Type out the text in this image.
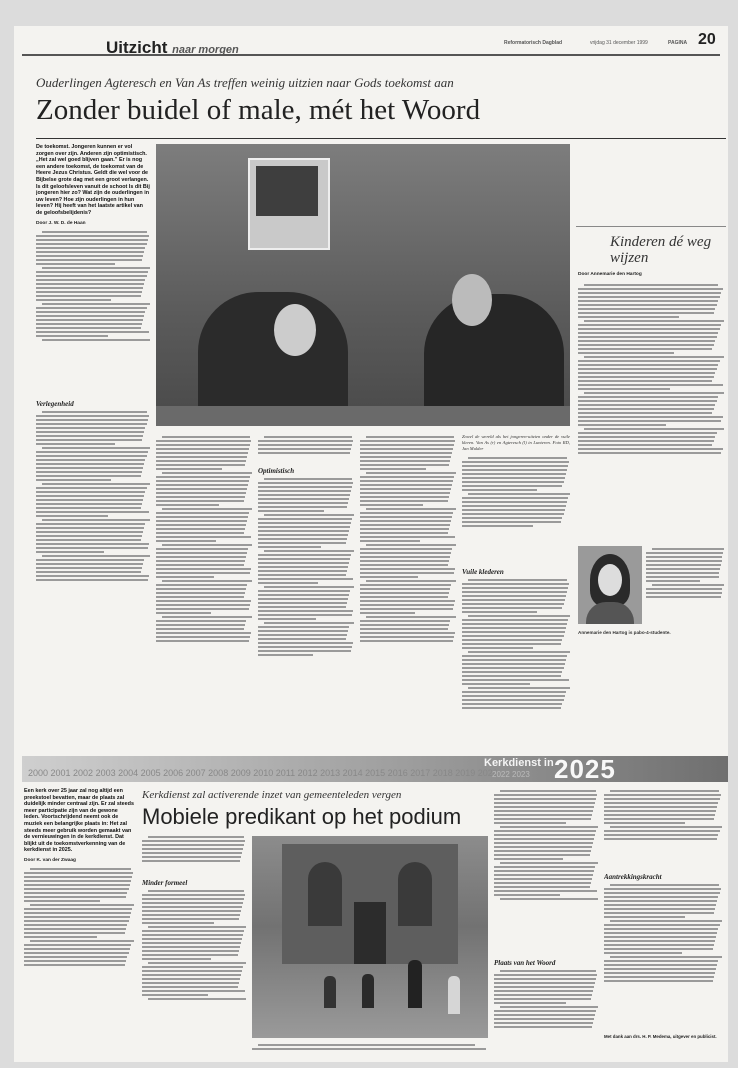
Uitzicht naar morgen
Reformatorisch Dagblad	vrijdag 31 december 1999	PAGINA 20
Ouderlingen Agteresch en Van As treffen weinig uitzien naar Gods toekomst aan
Zonder buidel of male, mét het Woord
De toekomst. Jongeren kunnen er vol zorgen over zijn. Anderen zijn optimistisch. „Het zal wel goed blijven gaan.” Er is nog een andere toekomst, de toekomst van de Heere Jezus Christus. Geldt die wel voor de Bijbelse grote dag met een groot verlangen. Is dit geloofsleven vanuit de schoot Is dit Bij jongeren hier zo? Wat zijn de ouderlingen in uw leven? Hoe zijn ouderlingen in hun leven? Hij heeft van het laatste artikel van de geloofsbelijdenis?
Door J. W. D. de Haan
Verlegenheid
Optimistisch
Zowel de wereld als het jongeren-uitzien onder de vuile kleren. Van As (r) en Agteresch (l) in Lunteren. Foto RD, Jan Mulder
Vuile klederen
Kinderen dé weg wijzen
Door Annemarie den Hartog
Annemarie den Hartog is pabo-4-studente.
2000 2001 2002 2003 2004 2005 2006 2007 2008 2009 2010 2011 2012 2013 2014 2015 2016 2017 2018 2019 2020
Kerkdienst in
2022 2023 2025
Een kerk over 25 jaar zal nog altijd een preekstoel bevatten, maar de plaats zal duidelijk minder centraal zijn. Er zal steeds meer participatie zijn van de gewone leden. Voortschrijdend neemt ook de muziek een belangrijke plaats in: Het zal steeds meer gebruik worden gemaakt van de vernieuwingen in de kerkdienst. Dat blijkt uit de toekomstverkenning van de kerkdienst in 2025.
Door K. van der Zwaag
Kerkdienst zal activerende inzet van gemeenteleden vergen
Mobiele predikant op het podium
Minder formeel
Plaats van het Woord
Aantrekkingskracht
Met dank aan drs. H. P. Medema, uitgever en publicist.
